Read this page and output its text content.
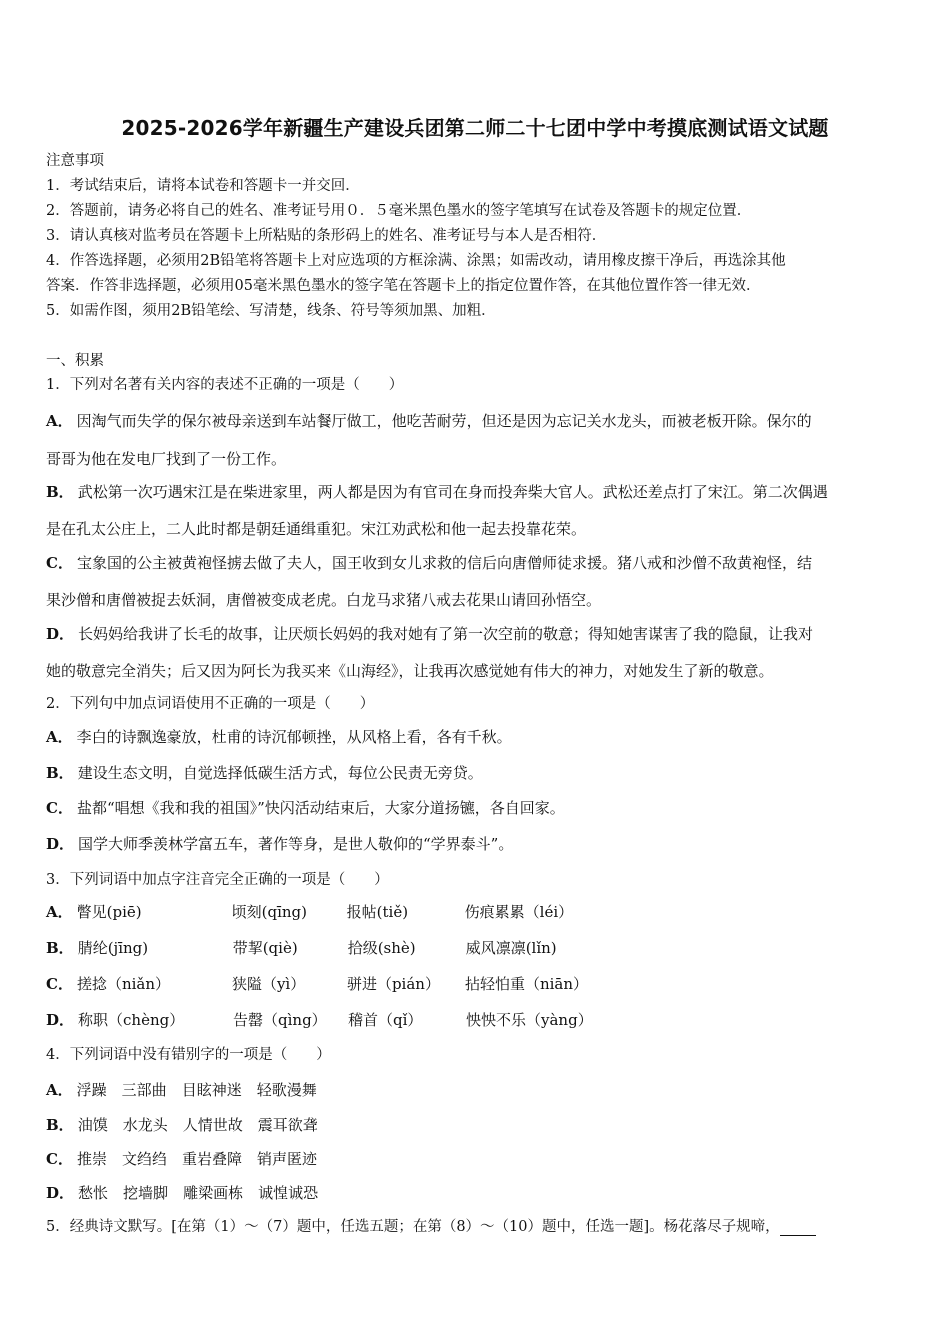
2025-2026学年新疆生产建设兵团第二师二十七团中学中考摸底测试语文试题
注意事项
1．考试结束后，请将本试卷和答题卡一并交回．
2．答题前，请务必将自己的姓名、准考证号用０．５毫米黑色墨水的签字笔填写在试卷及答题卡的规定位置．
3．请认真核对监考员在答题卡上所粘贴的条形码上的姓名、准考证号与本人是否相符．
4．作答选择题，必须用2B铅笔将答题卡上对应选项的方框涂满、涂黑；如需改动，请用橡皮擦干净后，再选涂其他
答案．作答非选择题，必须用05毫米黑色墨水的签字笔在答题卡上的指定位置作答，在其他位置作答一律无效．
5．如需作图，须用2B铅笔绘、写清楚，线条、符号等须加黑、加粗．
一、积累
1．下列对名著有关内容的表述不正确的一项是（　　）
A． 因淘气而失学的保尔被母亲送到车站餐厅做工，他吃苦耐劳，但还是因为忘记关水龙头，而被老板开除。保尔的
哥哥为他在发电厂找到了一份工作。
B． 武松第一次巧遇宋江是在柴进家里，两人都是因为有官司在身而投奔柴大官人。武松还差点打了宋江。第二次偶遇
是在孔太公庄上，二人此时都是朝廷通缉重犯。宋江劝武松和他一起去投靠花荣。
C． 宝象国的公主被黄袍怪掳去做了夫人，国王收到女儿求救的信后向唐僧师徒求援。猪八戒和沙僧不敌黄袍怪，结
果沙僧和唐僧被捉去妖洞，唐僧被变成老虎。白龙马求猪八戒去花果山请回孙悟空。
D． 长妈妈给我讲了长毛的故事，让厌烦长妈妈的我对她有了第一次空前的敬意；得知她害谋害了我的隐鼠，让我对
她的敬意完全消失；后又因为阿长为我买来《山海经》，让我再次感觉她有伟大的神力，对她发生了新的敬意。
2．下列句中加点词语使用不正确的一项是（　　）
A． 李白的诗飘逸豪放，杜甫的诗沉郁顿挫，从风格上看，各有千秋。
B． 建设生态文明，自觉选择低碳生活方式，每位公民责无旁贷。
C． 盐都“唱想《我和我的祖国》”快闪活动结束后，大家分道扬镳，各自回家。
D． 国学大师季羡林学富五车，著作等身，是世人敬仰的“学界泰斗”。
3．下列词语中加点字注音完全正确的一项是（　　）
A． 瞥见(piē)	顷刻(qīng)	报帖(tiě)	伤痕累累（léi）
B． 腈纶(jīng)	带挈(qiè)	拾级(shè)	威风凛凛(lǐn)
C． 搓捻（niǎn）	狭隘（yì）	骈进（pián） 拈轻怕重（niān）
D． 称职（chèng）	告罄（qìng） 稽首（qǐ）	怏怏不乐（yàng）
4．下列词语中没有错别字的一项是（　　）
A． 浮躁　 三部曲　 目眩神迷　 轻歌漫舞
B． 油馍　 水龙头　 人情世故　 震耳欲聋
C． 推崇　 文绉绉　 重岩叠障　 销声匿迹
D． 愁怅　 挖墙脚　 雕梁画栋　 诚惶诚恐
5．经典诗文默写。[在第（1）～（7）题中，任选五题；在第（8）～（10）题中，任选一题]。杨花落尽子规啼，
